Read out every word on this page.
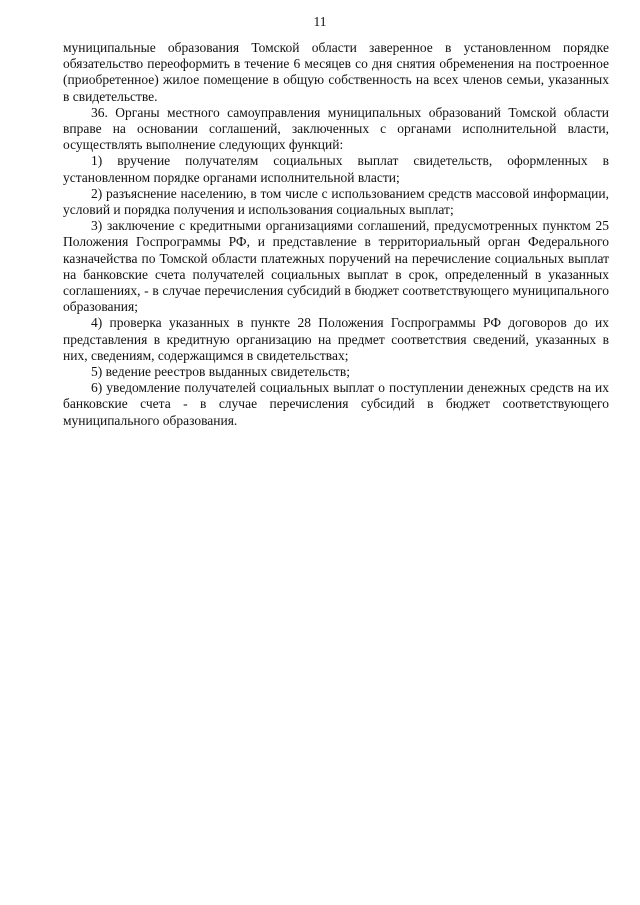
11

муниципальные образования Томской области заверенное в установленном порядке обязательство переоформить в течение 6 месяцев со дня снятия обременения на построенное (приобретенное) жилое помещение в общую собственность на всех членов семьи, указанных в свидетельстве.

36. Органы местного самоуправления муниципальных образований Томской области вправе на основании соглашений, заключенных с органами исполнительной власти, осуществлять выполнение следующих функций:

1) вручение получателям социальных выплат свидетельств, оформленных в установленном порядке органами исполнительной власти;

2) разъяснение населению, в том числе с использованием средств массовой информации, условий и порядка получения и использования социальных выплат;

3) заключение с кредитными организациями соглашений, предусмотренных пунктом 25 Положения Госпрограммы РФ, и представление в территориальный орган Федерального казначейства по Томской области платежных поручений на перечисление социальных выплат на банковские счета получателей социальных выплат в срок, определенный в указанных соглашениях, - в случае перечисления субсидий в бюджет соответствующего муниципального образования;

4) проверка указанных в пункте 28 Положения Госпрограммы РФ договоров до их представления в кредитную организацию на предмет соответствия сведений, указанных в них, сведениям, содержащимся в свидетельствах;

5) ведение реестров выданных свидетельств;

6) уведомление получателей социальных выплат о поступлении денежных средств на их банковские счета - в случае перечисления субсидий в бюджет соответствующего муниципального образования.
